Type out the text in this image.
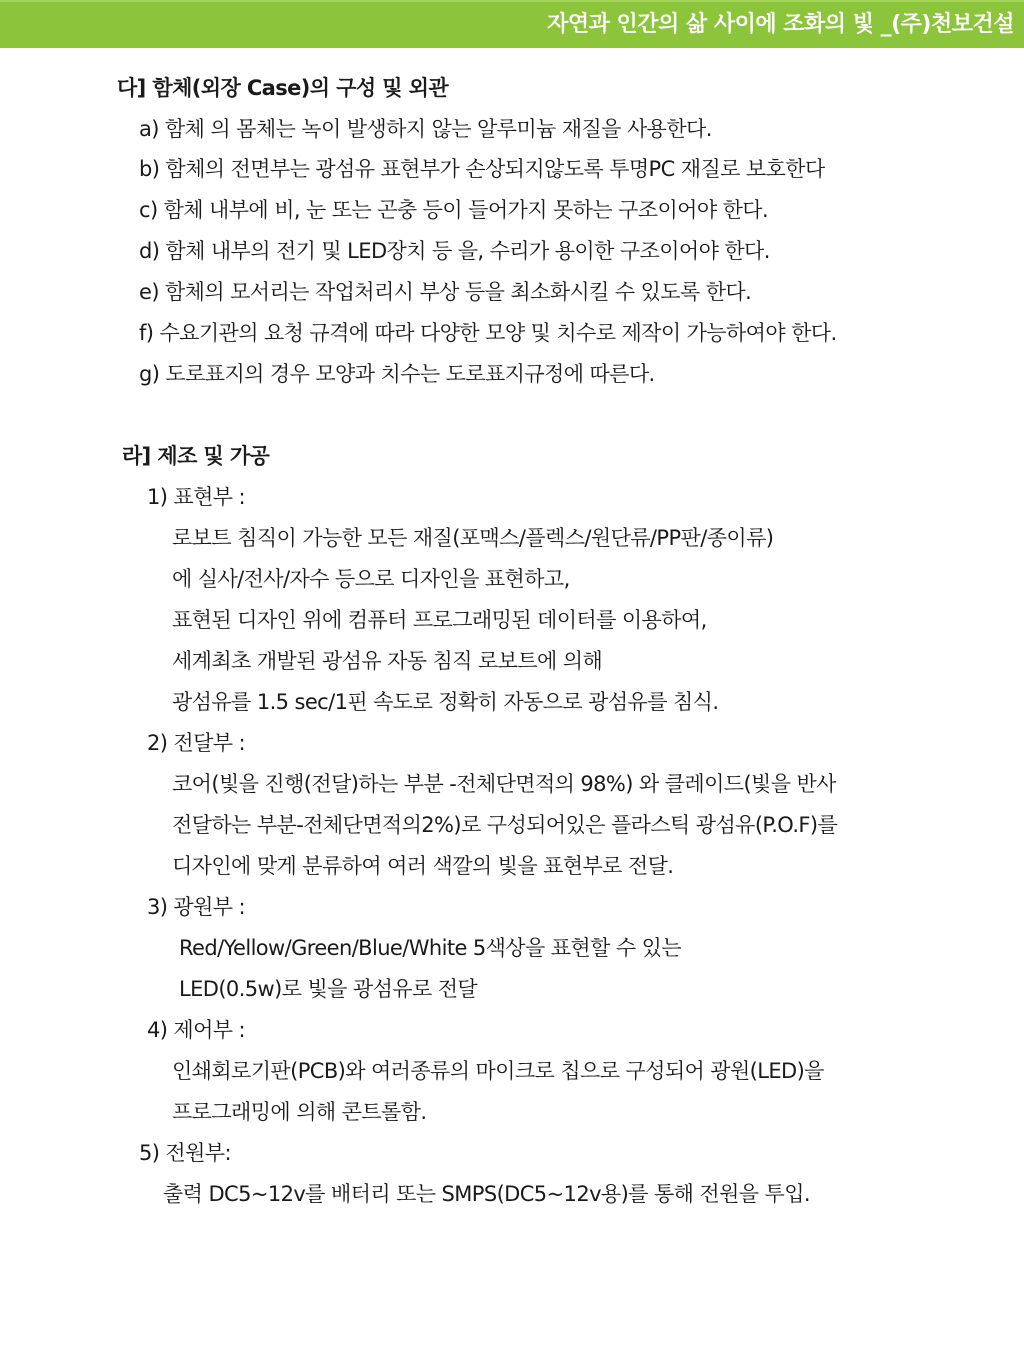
자연과 인간의 삶 사이에 조화의 빛 _(주)천보건설
다] 함체(외장 Case)의 구성 및 외관
a) 함체 의 몸체는 녹이 발생하지 않는 알루미늄 재질을 사용한다.
b) 함체의 전면부는 광섬유 표현부가 손상되지않도록 투명PC 재질로 보호한다
c) 함체 내부에 비, 눈 또는 곤충 등이 들어가지 못하는 구조이어야 한다.
d) 함체 내부의 전기 및 LED장치 등 을, 수리가 용이한 구조이어야 한다.
e) 함체의 모서리는 작업처리시 부상 등을 최소화시킬 수 있도록 한다.
f) 수요기관의 요청 규격에 따라 다양한 모양 및 치수로 제작이 가능하여야 한다.
g) 도로표지의 경우 모양과 치수는 도로표지규정에 따른다.
라] 제조 및 가공
1) 표현부 :
로보트 침직이 가능한 모든 재질(포맥스/플렉스/원단류/PP판/종이류)
에 실사/전사/자수 등으로 디자인을 표현하고,
표현된 디자인 위에 컴퓨터 프로그래밍된 데이터를 이용하여,
세계최초 개발된 광섬유 자동 침직 로보트에 의해
광섬유를 1.5 sec/1핀 속도로 정확히 자동으로 광섬유를 침식.
2) 전달부 :
코어(빛을 진행(전달)하는 부분 -전체단면적의 98%) 와 클레이드(빛을 반사
전달하는 부분-전체단면적의2%)로 구성되어있은 플라스틱 광섬유(P.O.F)를
디자인에 맞게 분류하여 여러 색깔의 빛을 표현부로 전달.
3) 광원부 :
Red/Yellow/Green/Blue/White 5색상을 표현할 수 있는
LED(0.5w)로 빛을 광섬유로 전달
4) 제어부 :
인쇄회로기판(PCB)와 여러종류의 마이크로 칩으로 구성되어 광원(LED)을
프로그래밍에 의해 콘트롤함.
5) 전원부:
출력 DC5~12v를 배터리 또는 SMPS(DC5~12v용)를 통해 전원을 투입.
